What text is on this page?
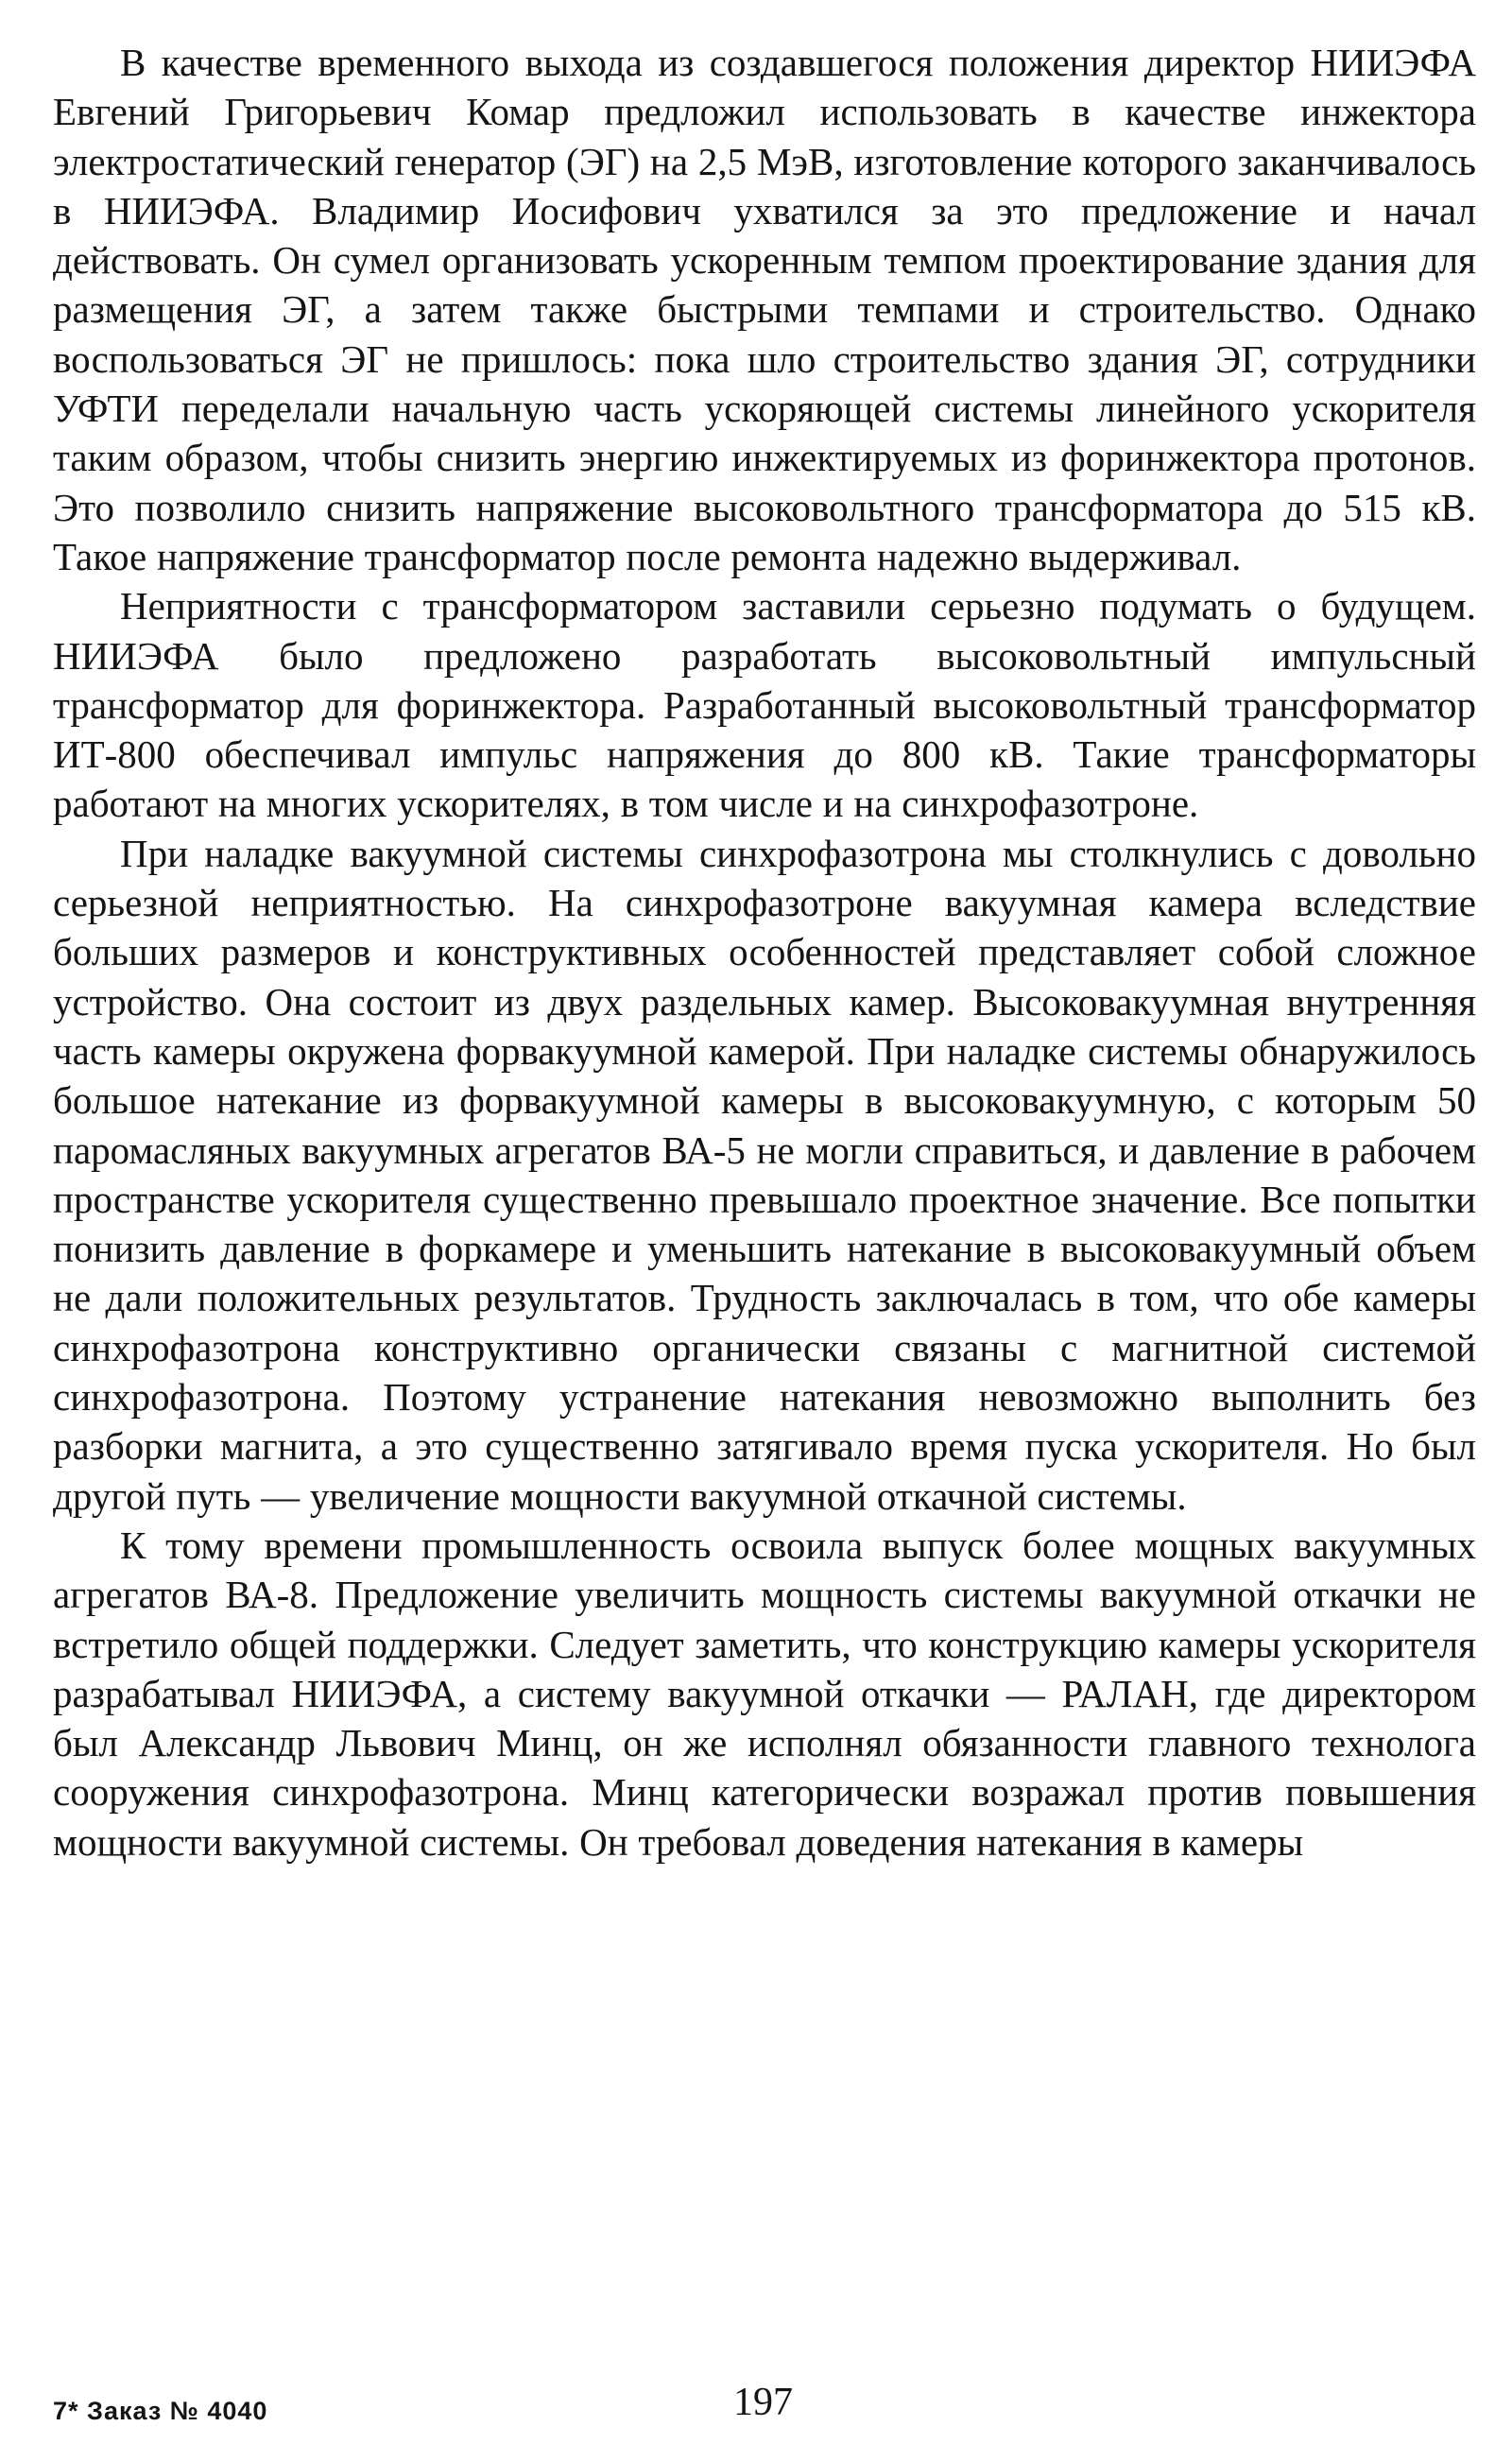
В качестве временного выхода из создавшегося положения директор НИИЭФА Евгений Григорьевич Комар предложил использовать в качестве инжектора электростатический генератор (ЭГ) на 2,5 МэВ, изготовление которого заканчивалось в НИИЭФА. Владимир Иосифович ухватился за это предложение и начал действовать. Он сумел организовать ускоренным темпом проектирование здания для размещения ЭГ, а затем также быстрыми темпами и строительство. Однако воспользоваться ЭГ не пришлось: пока шло строительство здания ЭГ, сотрудники УФТИ переделали начальную часть ускоряющей системы линейного ускорителя таким образом, чтобы снизить энергию инжектируемых из форинжектора протонов. Это позволило снизить напряжение высоковольтного трансформатора до 515 кВ. Такое напряжение трансформатор после ремонта надежно выдерживал.

Неприятности с трансформатором заставили серьезно подумать о будущем. НИИЭФА было предложено разработать высоковольтный импульсный трансформатор для форинжектора. Разработанный высоковольтный трансформатор ИТ-800 обеспечивал импульс напряжения до 800 кВ. Такие трансформаторы работают на многих ускорителях, в том числе и на синхрофазотроне.

При наладке вакуумной системы синхрофазотрона мы столкнулись с довольно серьезной неприятностью. На синхрофазотроне вакуумная камера вследствие больших размеров и конструктивных особенностей представляет собой сложное устройство. Она состоит из двух раздельных камер. Высоковакуумная внутренняя часть камеры окружена форвакуумной камерой. При наладке системы обнаружилось большое натекание из форвакуумной камеры в высоковакуумную, с которым 50 паромасляных вакуумных агрегатов ВА-5 не могли справиться, и давление в рабочем пространстве ускорителя существенно превышало проектное значение. Все попытки понизить давление в форкамере и уменьшить натекание в высоковакуумный объем не дали положительных результатов. Трудность заключалась в том, что обе камеры синхрофазотрона конструктивно органически связаны с магнитной системой синхрофазотрона. Поэтому устранение натекания невозможно выполнить без разборки магнита, а это существенно затягивало время пуска ускорителя. Но был другой путь — увеличение мощности вакуумной откачной системы.

К тому времени промышленность освоила выпуск более мощных вакуумных агрегатов ВА-8. Предложение увеличить мощность системы вакуумной откачки не встретило общей поддержки. Следует заметить, что конструкцию камеры ускорителя разрабатывал НИИЭФА, а систему вакуумной откачки — РАЛАН, где директором был Александр Львович Минц, он же исполнял обязанности главного технолога сооружения синхрофазотрона. Минц категорически возражал против повышения мощности вакуумной системы. Он требовал доведения натекания в камеры

7* Заказ № 4040	197
